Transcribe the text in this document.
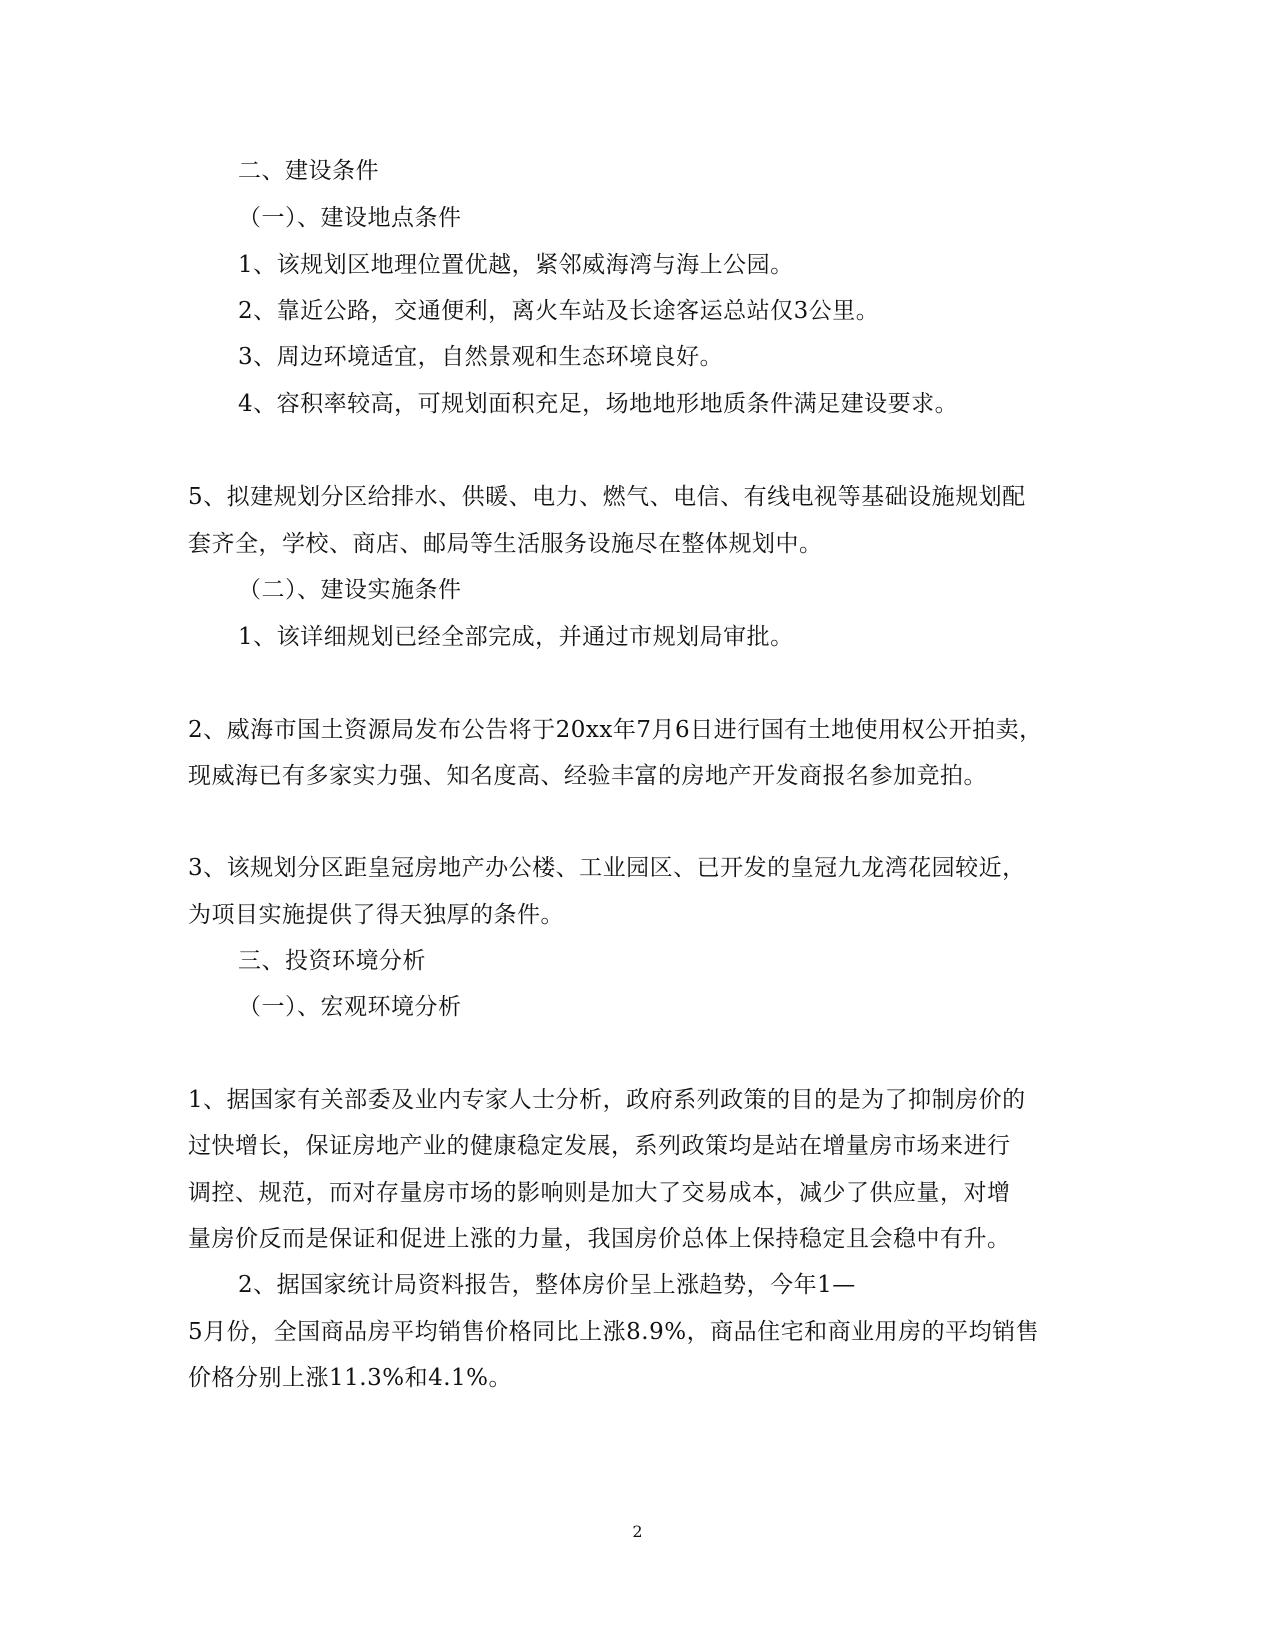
二、建设条件
（一）、建设地点条件
1、该规划区地理位置优越，紧邻威海湾与海上公园。
2、靠近公路，交通便利，离火车站及长途客运总站仅3公里。
3、周边环境适宜，自然景观和生态环境良好。
4、容积率较高，可规划面积充足，场地地形地质条件满足建设要求。
5、拟建规划分区给排水、供暖、电力、燃气、电信、有线电视等基础设施规划配
套齐全，学校、商店、邮局等生活服务设施尽在整体规划中。
（二）、建设实施条件
1、该详细规划已经全部完成，并通过市规划局审批。
2、威海市国土资源局发布公告将于20xx年7月6日进行国有土地使用权公开拍卖，
现威海已有多家实力强、知名度高、经验丰富的房地产开发商报名参加竞拍。
3、该规划分区距皇冠房地产办公楼、工业园区、已开发的皇冠九龙湾花园较近，
为项目实施提供了得天独厚的条件。
三、投资环境分析
（一）、宏观环境分析
1、据国家有关部委及业内专家人士分析，政府系列政策的目的是为了抑制房价的
过快增长，保证房地产业的健康稳定发展，系列政策均是站在增量房市场来进行
调控、规范，而对存量房市场的影响则是加大了交易成本，减少了供应量，对增
量房价反而是保证和促进上涨的力量，我国房价总体上保持稳定且会稳中有升。
2、据国家统计局资料报告，整体房价呈上涨趋势，今年1—
5月份，全国商品房平均销售价格同比上涨8.9%，商品住宅和商业用房的平均销售
价格分别上涨11.3%和4.1%。
2
